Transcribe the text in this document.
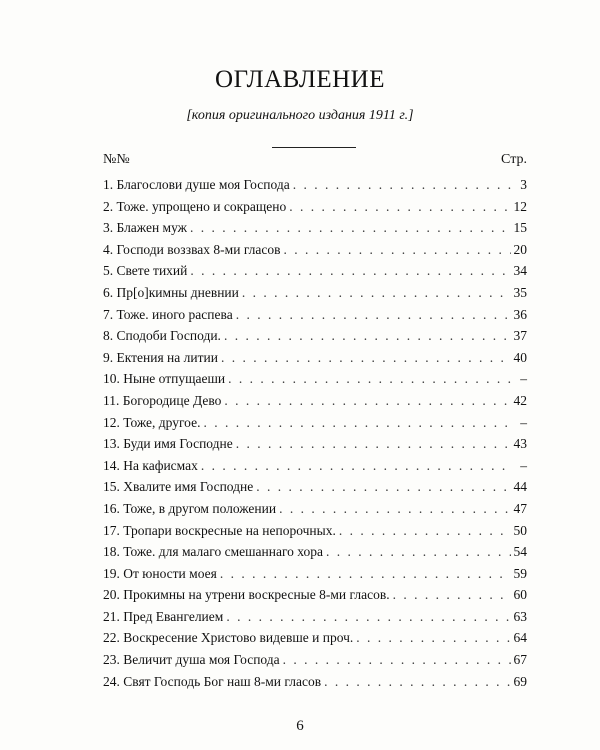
ОГЛАВЛЕНИЕ
[копия оригинального издания 1911 г.]
№№	Стр.
1. Благослови душе моя Господа . . .	3
2. Тоже. упрощено и сокращено . . .	12
3. Блажен муж . . .	15
4. Господи воззвах 8-ми гласов . . .	20
5. Свете тихий . . .	34
6. Пр[о]кимны дневнии . . .	35
7. Тоже. иного распева . . .	36
8. Сподоби Господи. . . .	37
9. Ектения на литии . . .	40
10. Ныне отпущаеши . . .	–
11. Богородице Дево . . .	42
12. Тоже, другое. . . .	–
13. Буди имя Господне . . .	43
14. На кафисмах . . .	–
15. Хвалите имя Господне . . .	44
16. Тоже, в другом положении . . .	47
17. Тропари воскресные на непорочных. . . .	50
18. Тоже. для малаго смешаннаго хора . . .	54
19. От юности моея . . .	59
20. Прокимны на утрени воскресные 8-ми гласов. . . .	60
21. Пред Евангелием . . .	63
22. Воскресение Христово видевше и проч. . . .	64
23. Величит душа моя Господа . . .	67
24. Свят Господь Бог наш 8-ми гласов . . .	69
6
